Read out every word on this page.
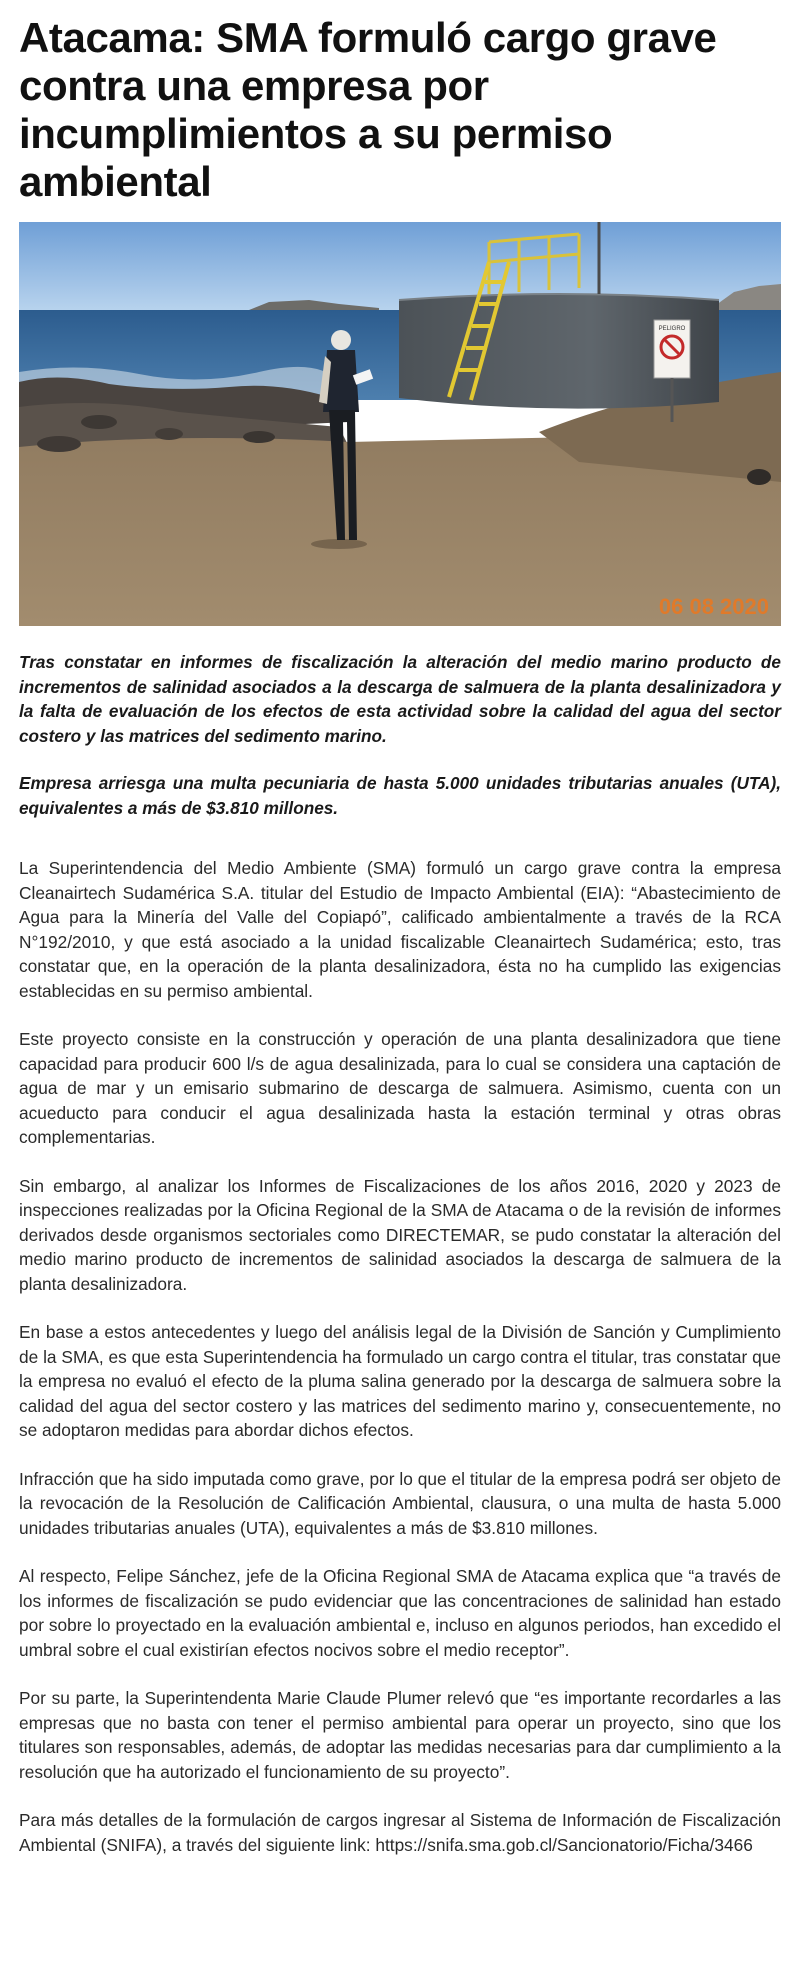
Atacama: SMA formuló cargo grave contra una empresa por incumplimientos a su permiso ambiental
PELIGRO
06 08 2020

Tras constatar en informes de fiscalización la alteración del medio marino producto de incrementos de salinidad asociados a la descarga de salmuera de la planta desalinizadora y la falta de evaluación de los efectos de esta actividad sobre la calidad del agua del sector costero y las matrices del sedimento marino.

Empresa arriesga una multa pecuniaria de hasta 5.000 unidades tributarias anuales (UTA), equivalentes a más de $3.810 millones.

La Superintendencia del Medio Ambiente (SMA) formuló un cargo grave contra la empresa Cleanairtech Sudamérica S.A. titular del Estudio de Impacto Ambiental (EIA): “Abastecimiento de Agua para la Minería del Valle del Copiapó”, calificado ambientalmente a través de la RCA N°192/2010, y que está asociado a la unidad fiscalizable Cleanairtech Sudamérica; esto, tras constatar que, en la operación de la planta desalinizadora, ésta no ha cumplido las exigencias establecidas en su permiso ambiental.

Este proyecto consiste en la construcción y operación de una planta desalinizadora que tiene capacidad para producir 600 l/s de agua desalinizada, para lo cual se considera una captación de agua de mar y un emisario submarino de descarga de salmuera. Asimismo, cuenta con un acueducto para conducir el agua desalinizada hasta la estación terminal y otras obras complementarias.

Sin embargo, al analizar los Informes de Fiscalizaciones de los años 2016, 2020 y 2023 de inspecciones realizadas por la Oficina Regional de la SMA de Atacama o de la revisión de informes derivados desde organismos sectoriales como DIRECTEMAR, se pudo constatar la alteración del medio marino producto de incrementos de salinidad asociados la descarga de salmuera de la planta desalinizadora.

En base a estos antecedentes y luego del análisis legal de la División de Sanción y Cumplimiento de la SMA, es que esta Superintendencia ha formulado un cargo contra el titular, tras constatar que la empresa no evaluó el efecto de la pluma salina generado por la descarga de salmuera sobre la calidad del agua del sector costero y las matrices del sedimento marino y, consecuentemente, no se adoptaron medidas para abordar dichos efectos.

Infracción que ha sido imputada como grave, por lo que el titular de la empresa podrá ser objeto de la revocación de la Resolución de Calificación Ambiental, clausura, o una multa de hasta 5.000 unidades tributarias anuales (UTA), equivalentes a más de $3.810 millones.

Al respecto, Felipe Sánchez, jefe de la Oficina Regional SMA de Atacama explica que “a través de los informes de fiscalización se pudo evidenciar que las concentraciones de salinidad han estado por sobre lo proyectado en la evaluación ambiental e, incluso en algunos periodos, han excedido el umbral sobre el cual existirían efectos nocivos sobre el medio receptor”.

Por su parte, la Superintendenta Marie Claude Plumer relevó que “es importante recordarles a las empresas que no basta con tener el permiso ambiental para operar un proyecto, sino que los titulares son responsables, además, de adoptar las medidas necesarias para dar cumplimiento a la resolución que ha autorizado el funcionamiento de su proyecto”.

Para más detalles de la formulación de cargos ingresar al Sistema de Información de Fiscalización Ambiental (SNIFA), a través del siguiente link: https://snifa.sma.gob.cl/Sancionatorio/Ficha/3466
